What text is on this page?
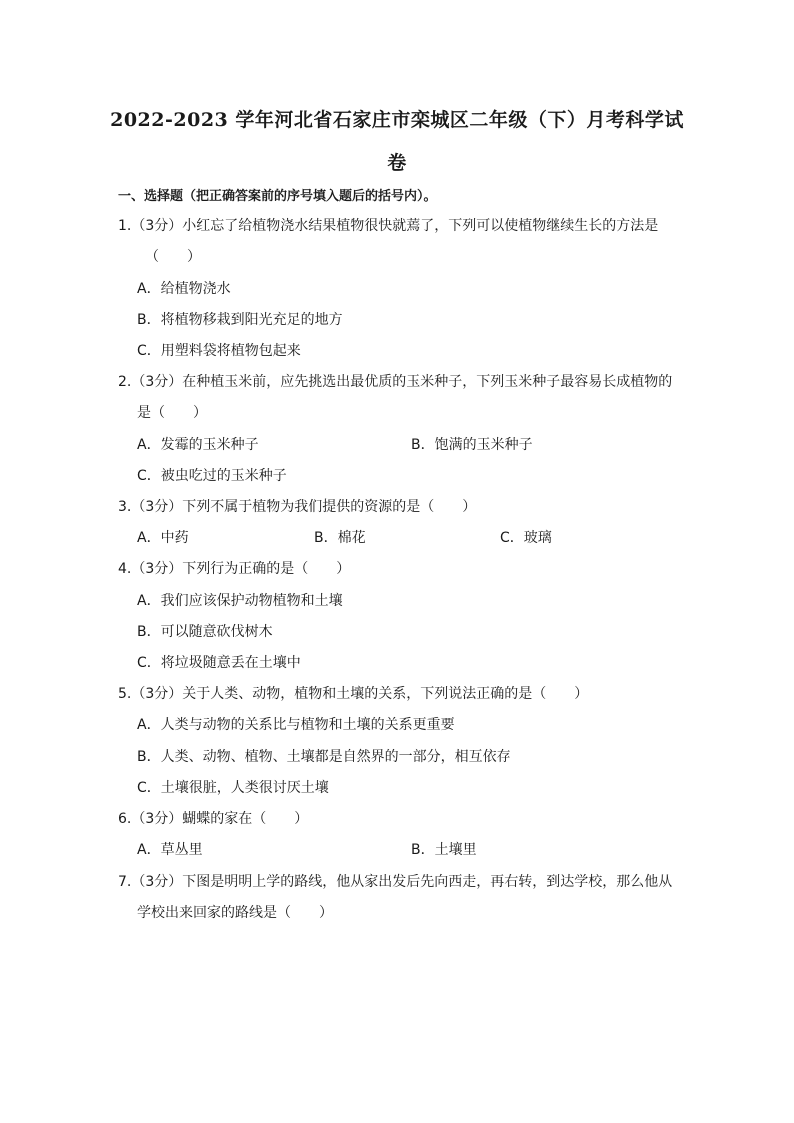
2022-2023 学年河北省石家庄市栾城区二年级（下）月考科学试
卷
一、选择题（把正确答案前的序号填入题后的括号内）。
1.（3分）小红忘了给植物浇水结果植物很快就蔫了，下列可以使植物继续生长的方法是
（　　）
A．给植物浇水
B．将植物移栽到阳光充足的地方
C．用塑料袋将植物包起来
2.（3分）在种植玉米前，应先挑选出最优质的玉米种子，下列玉米种子最容易长成植物的
是（　　）
A．发霉的玉米种子	B．饱满的玉米种子
C．被虫吃过的玉米种子
3.（3分）下列不属于植物为我们提供的资源的是（　　）
A．中药	B．棉花	C．玻璃
4.（3分）下列行为正确的是（　　）
A．我们应该保护动物植物和土壤
B．可以随意砍伐树木
C．将垃圾随意丢在土壤中
5.（3分）关于人类、动物，植物和土壤的关系，下列说法正确的是（　　）
A．人类与动物的关系比与植物和土壤的关系更重要
B．人类、动物、植物、土壤都是自然界的一部分，相互依存
C．土壤很脏，人类很讨厌土壤
6.（3分）蝴蝶的家在（　　）
A．草丛里	B．土壤里
7.（3分）下图是明明上学的路线，他从家出发后先向西走，再右转，到达学校，那么他从
学校出来回家的路线是（　　）
